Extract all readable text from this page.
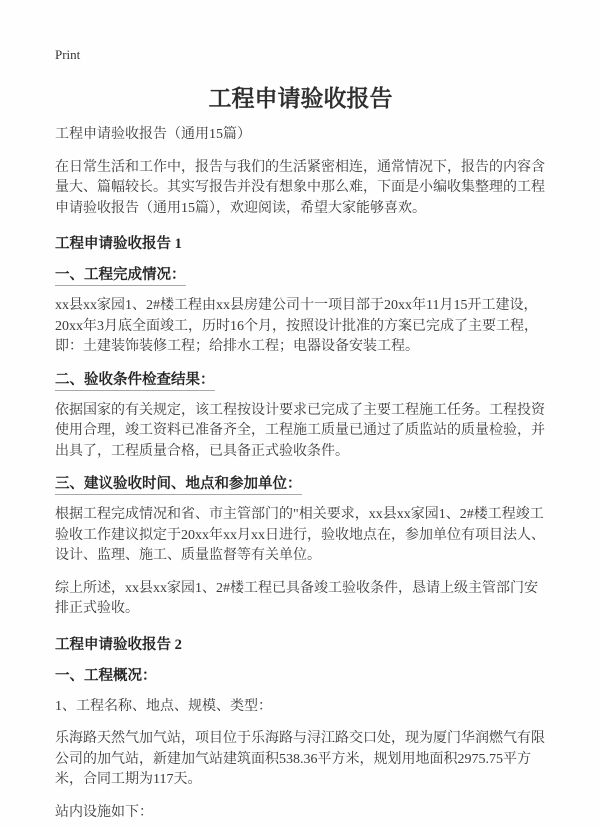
Print
工程申请验收报告

工程申请验收报告（通用15篇）

在日常生活和工作中，报告与我们的生活紧密相连，通常情况下，报告的内容含量大、篇幅较长。其实写报告并没有想象中那么难，下面是小编收集整理的工程申请验收报告（通用15篇），欢迎阅读，希望大家能够喜欢。

工程申请验收报告 1
一、工程完成情况：

xx县xx家园1、2#楼工程由xx县房建公司十一项目部于20xx年11月15开工建设，20xx年3月底全面竣工，历时16个月，按照设计批准的方案已完成了主要工程，即：土建装饰装修工程；给排水工程；电器设备安装工程。

二、验收条件检查结果：

依据国家的有关规定，该工程按设计要求已完成了主要工程施工任务。工程投资使用合理，竣工资料已准备齐全，工程施工质量已通过了质监站的质量检验，并出具了，工程质量合格，已具备正式验收条件。

三、建议验收时间、地点和参加单位：

根据工程完成情况和省、市主管部门的"相关要求，xx县xx家园1、2#楼工程竣工验收工作建议拟定于20xx年xx月xx日进行，验收地点在，参加单位有项目法人、设计、监理、施工、质量监督等有关单位。

综上所述，xx县xx家园1、2#楼工程已具备竣工验收条件，恳请上级主管部门安排正式验收。

工程申请验收报告 2
一、工程概况：

1、工程名称、地点、规模、类型：

乐海路天然气加气站，项目位于乐海路与浔江路交口处，现为厦门华润燃气有限公司的加气站，新建加气站建筑面积538.36平方米，规划用地面积2975.75平方米，合同工期为117天。

站内设施如下：
